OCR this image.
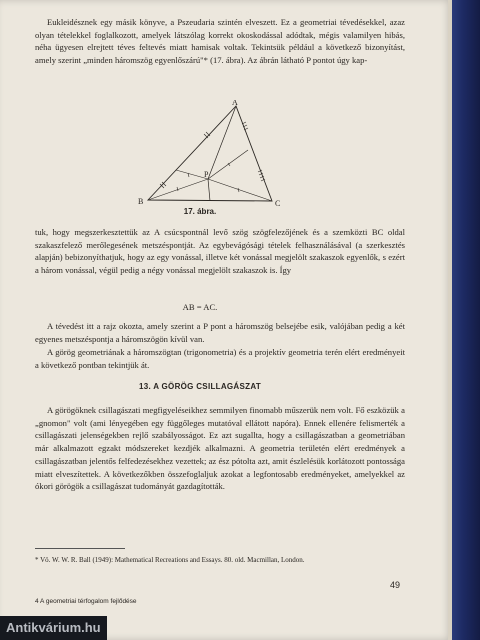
Eukleidésznek egy másik könyve, a Pszeudaria szintén elveszett. Ez a geometriai tévedésekkel, azaz olyan tételekkel foglalkozott, amelyek látszólag korrekt okoskodással adódtak, mégis valamilyen hibás, néha ügyesen elrejtett téves feltevés miatt hamisak voltak. Tekintsük például a következő bizonyítást, amely szerint „minden háromszög egyenlőszárú"* (17. ábra). Az ábrán látható P pontot úgy kap-

A
B	C
P
17. ábra.

tuk, hogy megszerkesztettük az A csúcspontnál levő szög szögfelezőjének és a szemközti BC oldal szakaszfelező merőlegesének metszéspontját. Az egybevágósági tételek felhasználásával (a szerkesztés alapján) bebizonyíthatjuk, hogy az egy vonással, illetve két vonással megjelölt szakaszok egyenlők, s ezért a három vonással, végül pedig a négy vonással megjelölt szakaszok is. Így

AB = AC.

A tévedést itt a rajz okozta, amely szerint a P pont a háromszög belsejébe esik, valójában pedig a két egyenes metszéspontja a háromszögön kívül van.

A görög geometriának a háromszögtan (trigonometria) és a projektív geometria terén elért eredményeit a következő pontban tekintjük át.

13. A GÖRÖG CSILLAGÁSZAT

A görögöknek csillagászati megfigyeléseikhez semmilyen finomabb műszerük nem volt. Fő eszközük a „gnomon" volt (ami lényegében egy függőleges mutatóval ellátott napóra). Ennek ellenére felismerték a csillagászati jelenségekben rejlő szabályosságot. Ez azt sugallta, hogy a csillagászatban a geometriában már alkalmazott egzakt módszereket kezdjék alkalmazni. A geometria területén elért eredmények a csillagászatban jelentős felfedezésekhez vezettek; az ész pótolta azt, amit észlelésük korlátozott pontossága miatt elveszítettek. A következőkben összefoglaljuk azokat a legfontosabb eredményeket, amelyekkel az ókori görögök a csillagászat tudományát gazdagították.

* Vö. W. W. R. Ball (1949): Mathematical Recreations and Essays. 80. old. Macmillan, London.
49
4 A geometriai térfogalom fejlődése
Antikvárium.hu
